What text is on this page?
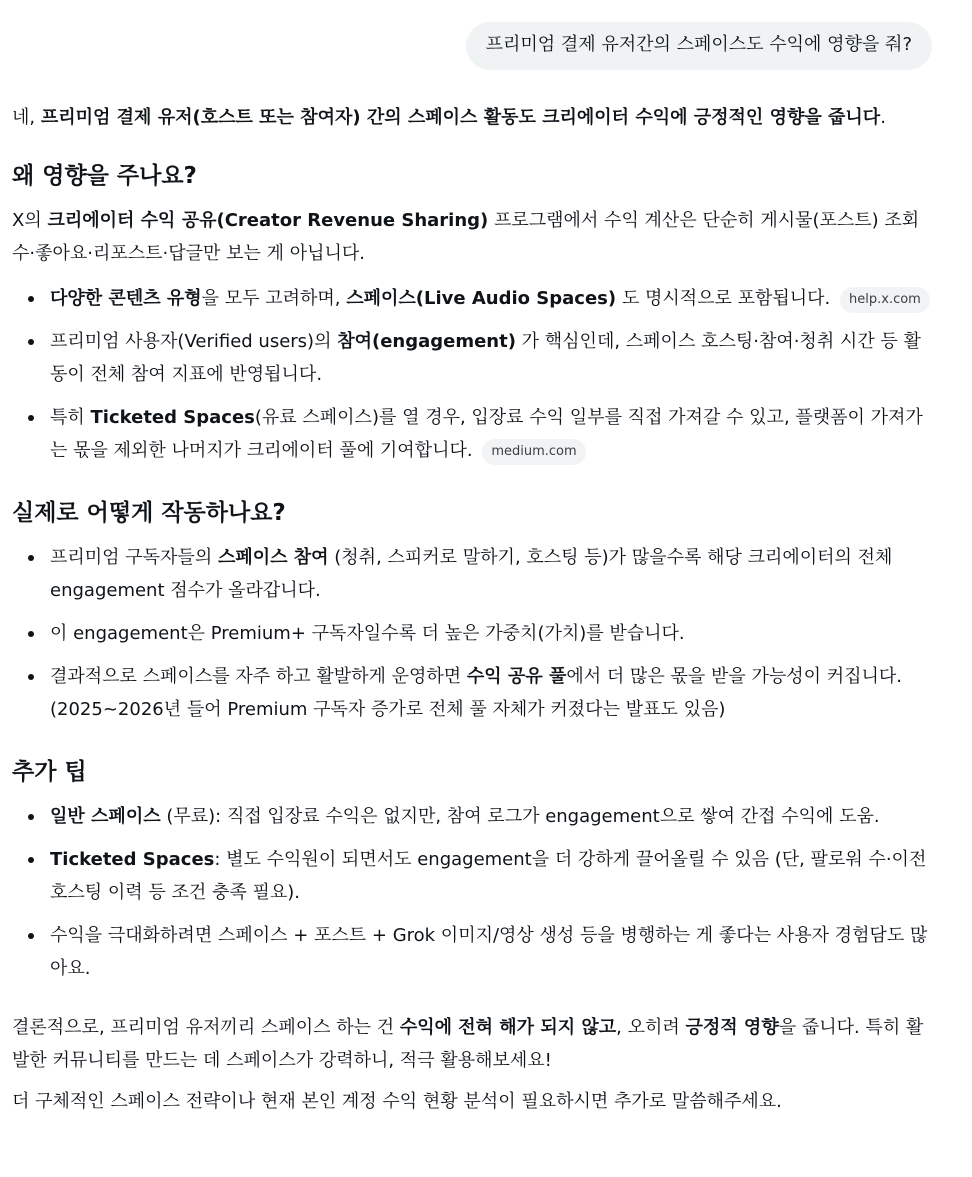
프리미엄 결제 유저간의 스페이스도 수익에 영향을 줘?

네, 프리미엄 결제 유저(호스트 또는 참여자) 간의 스페이스 활동도 크리에이터 수익에 긍정적인 영향을 줍니다.

왜 영향을 주나요?

X의 크리에이터 수익 공유(Creator Revenue Sharing) 프로그램에서 수익 계산은 단순히 게시물(포스트) 조회수·좋아요·리포스트·답글만 보는 게 아닙니다.

다양한 콘텐츠 유형을 모두 고려하며, 스페이스(Live Audio Spaces) 도 명시적으로 포함됩니다. help.x.com
프리미엄 사용자(Verified users)의 참여(engagement) 가 핵심인데, 스페이스 호스팅·참여·청취 시간 등 활동이 전체 참여 지표에 반영됩니다.
특히 Ticketed Spaces(유료 스페이스)를 열 경우, 입장료 수익 일부를 직접 가져갈 수 있고, 플랫폼이 가져가는 몫을 제외한 나머지가 크리에이터 풀에 기여합니다. medium.com
실제로 어떻게 작동하나요?
프리미엄 구독자들의 스페이스 참여 (청취, 스피커로 말하기, 호스팅 등)가 많을수록 해당 크리에이터의 전체 engagement 점수가 올라갑니다.
이 engagement은 Premium+ 구독자일수록 더 높은 가중치(가치)를 받습니다.
결과적으로 스페이스를 자주 하고 활발하게 운영하면 수익 공유 풀에서 더 많은 몫을 받을 가능성이 커집니다. (2025~2026년 들어 Premium 구독자 증가로 전체 풀 자체가 커졌다는 발표도 있음)
추가 팁
일반 스페이스 (무료): 직접 입장료 수익은 없지만, 참여 로그가 engagement으로 쌓여 간접 수익에 도움.
Ticketed Spaces: 별도 수익원이 되면서도 engagement을 더 강하게 끌어올릴 수 있음 (단, 팔로워 수·이전 호스팅 이력 등 조건 충족 필요).
수익을 극대화하려면 스페이스 + 포스트 + Grok 이미지/영상 생성 등을 병행하는 게 좋다는 사용자 경험담도 많아요.

결론적으로, 프리미엄 유저끼리 스페이스 하는 건 수익에 전혀 해가 되지 않고, 오히려 긍정적 영향을 줍니다. 특히 활발한 커뮤니티를 만드는 데 스페이스가 강력하니, 적극 활용해보세요!

더 구체적인 스페이스 전략이나 현재 본인 계정 수익 현황 분석이 필요하시면 추가로 말씀해주세요.
